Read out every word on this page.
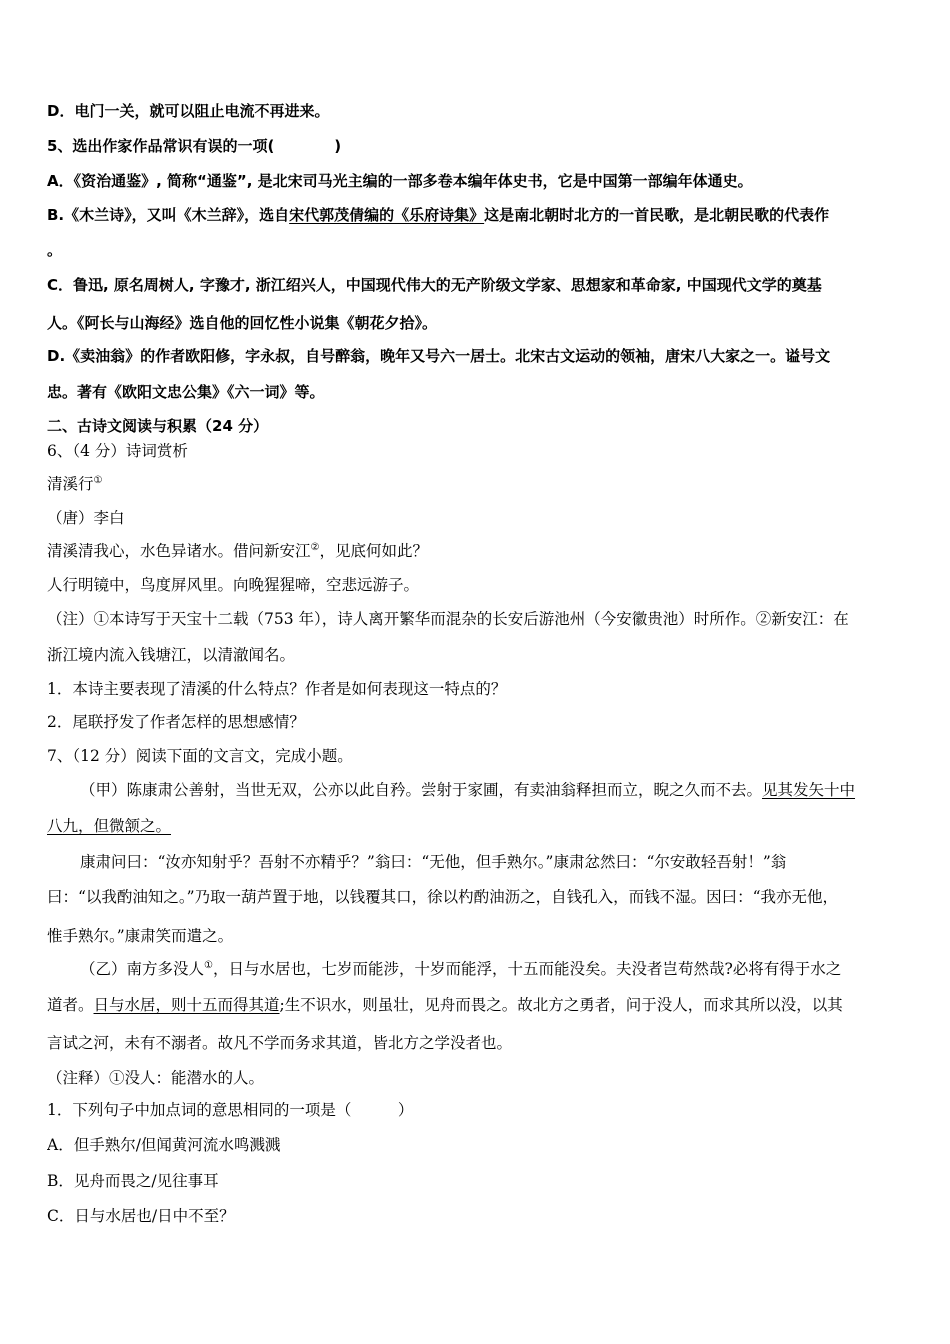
D．电门一关，就可以阻止电流不再进来。
5、选出作家作品常识有误的一项(　　　　)
A．《资治通鉴》, 简称“通鉴”, 是北宋司马光主编的一部多卷本编年体史书，它是中国第一部编年体通史。
B.《木兰诗》，又叫《木兰辞》，选自宋代郭茂倩编的《乐府诗集》这是南北朝时北方的一首民歌，是北朝民歌的代表作
。
C．鲁迅, 原名周树人, 字豫才, 浙江绍兴人，中国现代伟大的无产阶级文学家、思想家和革命家, 中国现代文学的奠基
人。《阿长与山海经》选自他的回忆性小说集《朝花夕拾》。
D.《卖油翁》的作者欧阳修，字永叔，自号醉翁，晚年又号六一居士。北宋古文运动的领袖，唐宋八大家之一。谥号文
忠。著有《欧阳文忠公集》《六一词》等。
二、古诗文阅读与积累（24 分）
6、（4 分）诗词赏析
清溪行①
（唐）李白
清溪清我心，水色异诸水。借问新安江②，见底何如此？
人行明镜中，鸟度屏风里。向晚猩猩啼，空悲远游子。
（注）①本诗写于天宝十二载（753 年），诗人离开繁华而混杂的长安后游池州（今安徽贵池）时所作。②新安江：在
浙江境内流入钱塘江，以清澈闻名。
1．本诗主要表现了清溪的什么特点？作者是如何表现这一特点的？
2．尾联抒发了作者怎样的思想感情？
7、（12 分）阅读下面的文言文，完成小题。
（甲）陈康肃公善射，当世无双，公亦以此自矜。尝射于家圃，有卖油翁释担而立，睨之久而不去。见其发矢十中
八九，但微颔之。
康肃问曰：“汝亦知射乎？吾射不亦精乎？”翁曰：“无他，但手熟尔。”康肃忿然曰：“尔安敢轻吾射！”翁
曰：“以我酌油知之。”乃取一葫芦置于地，以钱覆其口，徐以杓酌油沥之，自钱孔入，而钱不湿。因曰：“我亦无他，
惟手熟尔。”康肃笑而遣之。
（乙）南方多没人①，日与水居也，七岁而能涉，十岁而能浮，十五而能没矣。夫没者岂苟然哉?必将有得于水之
道者。日与水居，则十五而得其道;生不识水，则虽壮，见舟而畏之。故北方之勇者，问于没人，而求其所以没，以其
言试之河，未有不溺者。故凡不学而务求其道，皆北方之学没者也。
（注释）①没人：能潜水的人。
1．下列句子中加点词的意思相同的一项是（　　　）
A．但手熟尔/但闻黄河流水鸣溅溅
B．见舟而畏之/见往事耳
C．日与水居也/日中不至？
